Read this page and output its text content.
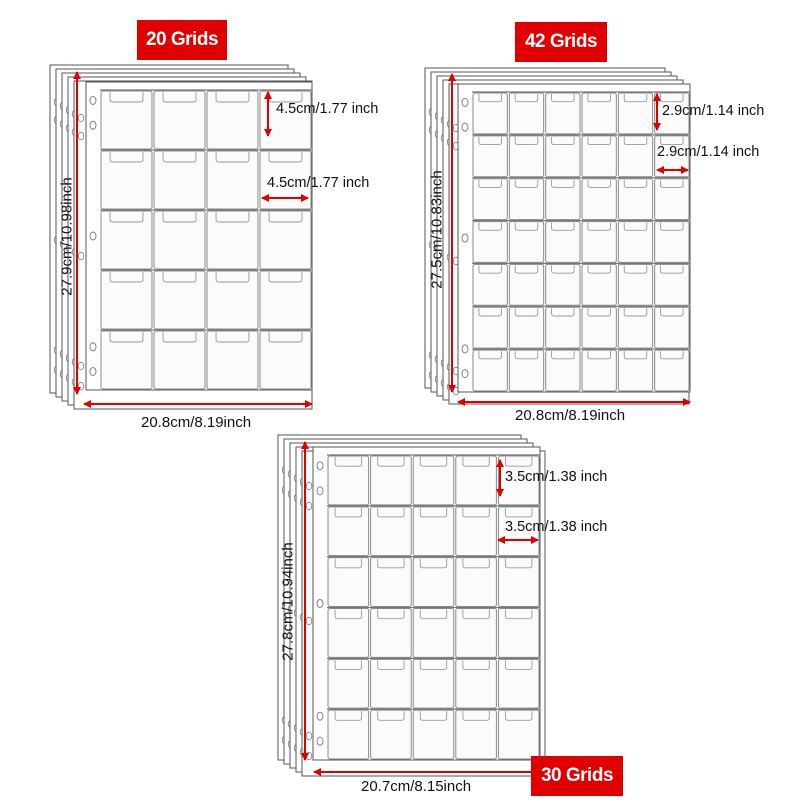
20 Grids	42 Grids
30 Grids
4.5cm/1.77 inch
4.5cm/1.77 inch
20.8cm/8.19inch
27.9cm/10.98inch
2.9cm/1.14 inch
2.9cm/1.14 inch
20.8cm/8.19inch
27.5cm/10.83inch
3.5cm/1.38 inch
3.5cm/1.38 inch
20.7cm/8.15inch
27.8cm/10.94inch
